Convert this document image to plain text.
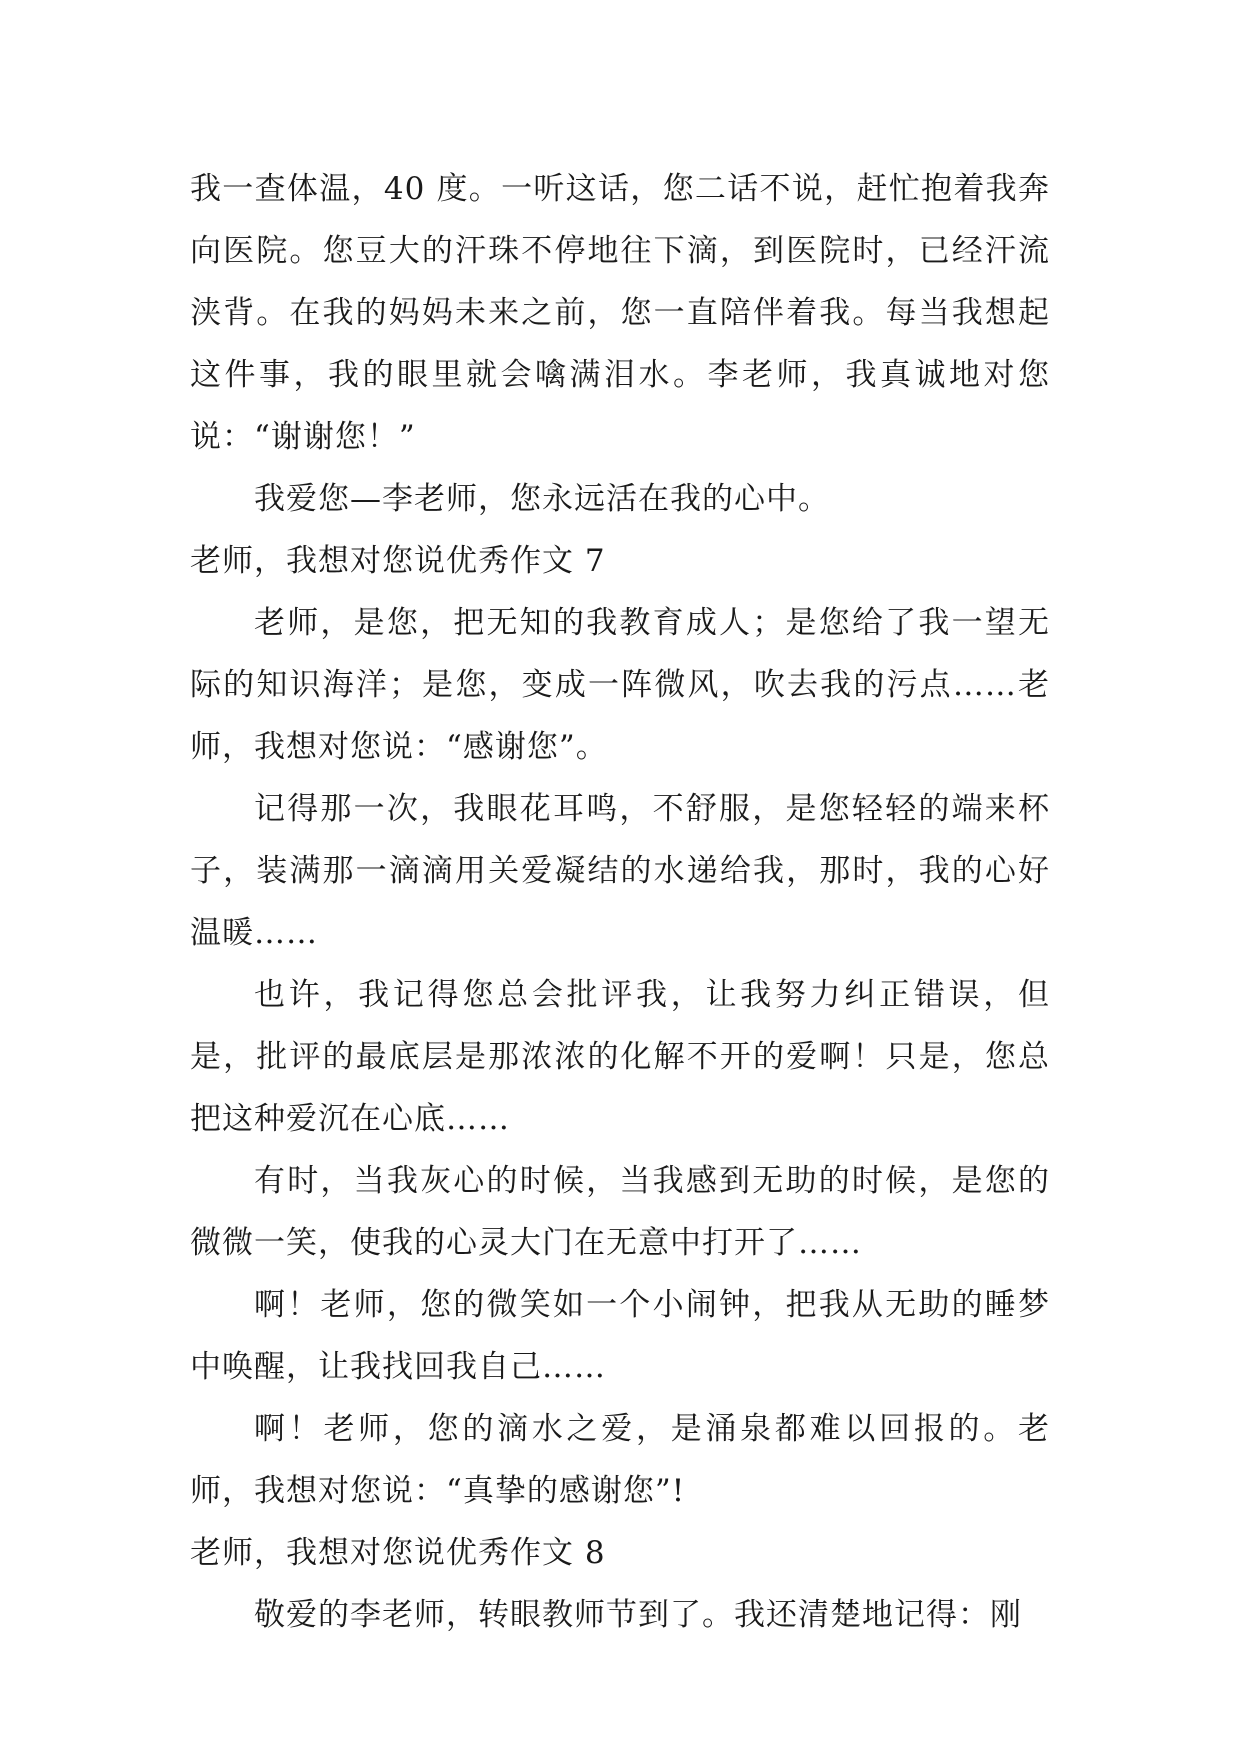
我一查体温，40 度。一听这话，您二话不说，赶忙抱着我奔向医院。您豆大的汗珠不停地往下滴，到医院时，已经汗流浃背。在我的妈妈未来之前，您一直陪伴着我。每当我想起这件事，我的眼里就会噙满泪水。李老师，我真诚地对您说：“谢谢您！”

我爱您—李老师，您永远活在我的心中。

老师，我想对您说优秀作文 7

老师，是您，把无知的我教育成人；是您给了我一望无际的知识海洋；是您，变成一阵微风，吹去我的污点……老师，我想对您说：“感谢您”。

记得那一次，我眼花耳鸣，不舒服，是您轻轻的端来杯子，装满那一滴滴用关爱凝结的水递给我，那时，我的心好温暖……

也许，我记得您总会批评我，让我努力纠正错误，但是，批评的最底层是那浓浓的化解不开的爱啊！只是，您总把这种爱沉在心底……

有时，当我灰心的时候，当我感到无助的时候，是您的微微一笑，使我的心灵大门在无意中打开了……

啊！老师，您的微笑如一个小闹钟，把我从无助的睡梦中唤醒，让我找回我自己……

啊！老师，您的滴水之爱，是涌泉都难以回报的。老师，我想对您说：“真挚的感谢您”!

老师，我想对您说优秀作文 8

敬爱的李老师，转眼教师节到了。我还清楚地记得：刚
